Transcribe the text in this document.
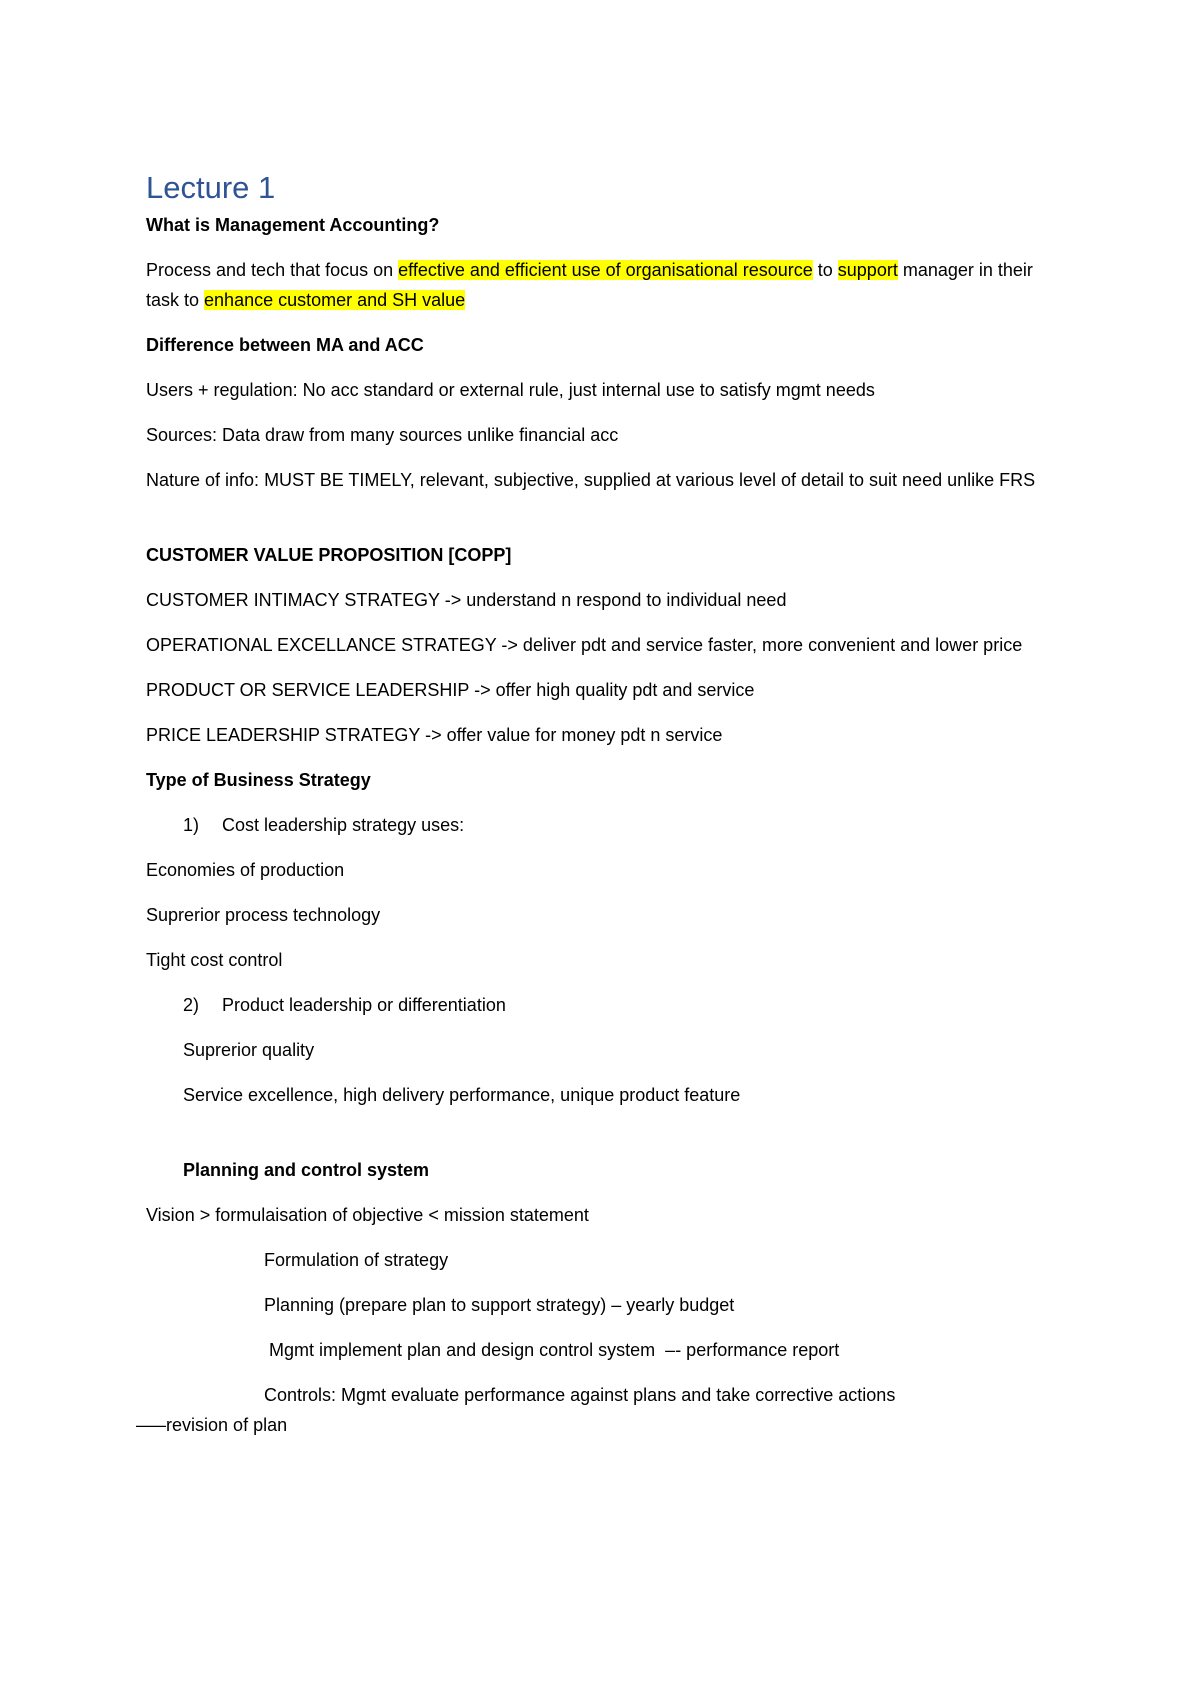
Lecture 1
What is Management Accounting?
Process and tech that focus on effective and efficient use of organisational resource to support manager in their task to enhance customer and SH value
Difference between MA and ACC
Users + regulation: No acc standard or external rule, just internal use to satisfy mgmt needs
Sources: Data draw from many sources unlike financial acc
Nature of info: MUST BE TIMELY, relevant, subjective, supplied at various level of detail to suit need unlike FRS
CUSTOMER VALUE PROPOSITION [COPP]
CUSTOMER INTIMACY STRATEGY -> understand n respond to individual need
OPERATIONAL EXCELLANCE STRATEGY -> deliver pdt and service faster, more convenient and lower price
PRODUCT OR SERVICE LEADERSHIP -> offer high quality pdt and service
PRICE LEADERSHIP STRATEGY -> offer value for money pdt n service
Type of Business Strategy
1) Cost leadership strategy uses:
Economies of production
Suprerior process technology
Tight cost control
2) Product leadership or differentiation
Suprerior quality
Service excellence, high delivery performance, unique product feature
Planning and control system
Vision > formulaisation of objective < mission statement
Formulation of strategy
Planning (prepare plan to support strategy) – yearly budget
Mgmt implement plan and design control system  –- performance report
Controls: Mgmt evaluate performance against plans and take corrective actions
–––revision of plan
